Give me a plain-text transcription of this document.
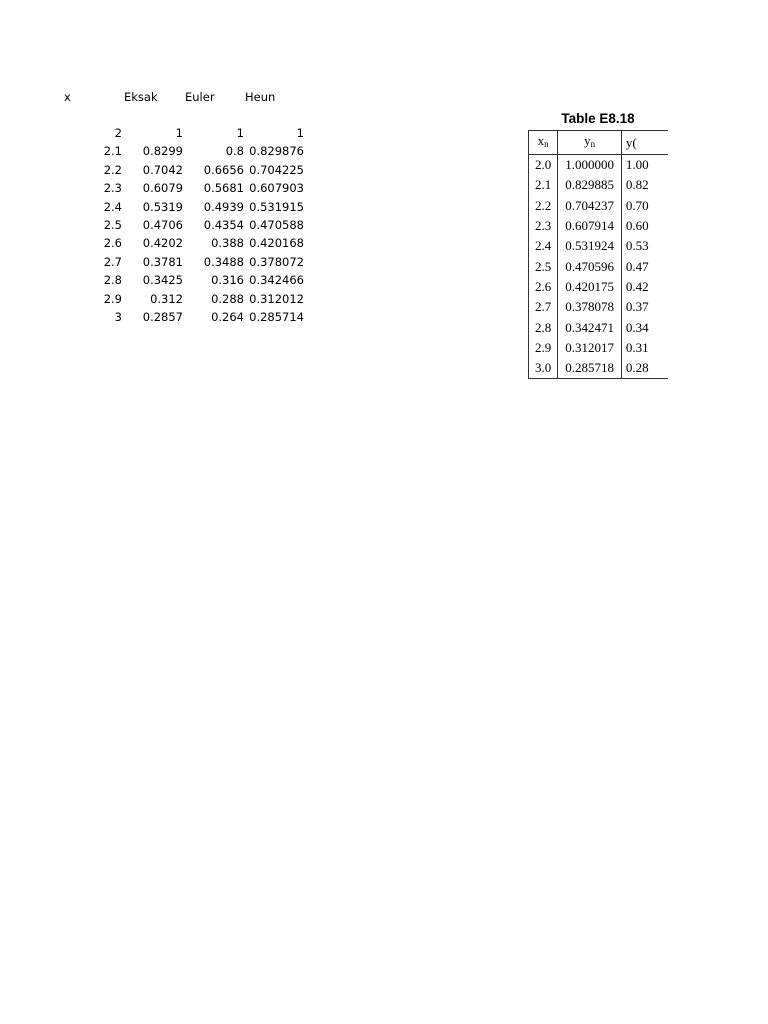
x	Eksak Euler	Heun
2	1	1	1
2.1	0.8299	0.8 0.829876
2.2	0.7042	0.6656 0.704225
2.3	0.6079	0.5681 0.607903
2.4	0.5319	0.4939 0.531915
2.5	0.4706	0.4354 0.470588
2.6	0.4202	0.388 0.420168
2.7	0.3781	0.3488 0.378072
2.8	0.3425	0.316 0.342466
2.9	0.312	0.288 0.312012
3	0.2857	0.264 0.285714
Table E8.18
$x_n$	$y_n$	y(
2.0	1.000000	1.00
2.1	0.829885	0.82
2.2	0.704237	0.70
2.3	0.607914	0.60
2.4	0.531924	0.53
2.5	0.470596	0.47
2.6	0.420175	0.42
2.7	0.378078	0.37
2.8	0.342471	0.34
2.9	0.312017	0.31
3.0	0.285718	0.28
